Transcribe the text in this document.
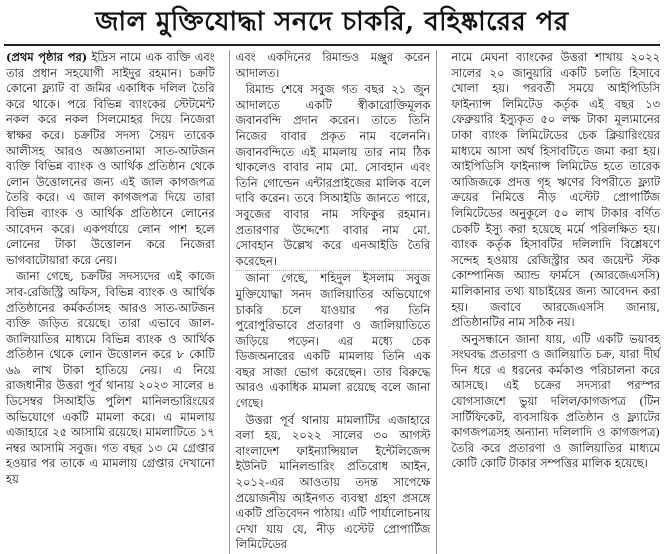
জাল মুক্তিযোদ্ধা সনদে চাকরি, বহিষ্কারের পর

(প্রথম পৃষ্ঠার পর) ইদ্রিস নামে এক ব্যক্তি এবং তার প্রধান সহযোগী সাইদুর রহমান। চক্রটি কোনো ফ্ল্যাট বা জমির একাধিক দলিল তৈরি করে থাকে। পরে বিভিন্ন ব্যাংকের স্টেটমেন্ট নকল করে নকল সিলমোহর দিয়ে নিজেরা স্বাক্ষর করে। চক্রটির সদস্য সৈয়দ তারেক আলীসহ আরও অজ্ঞাতনামা সাত-আটজন ব্যক্তি বিভিন্ন ব্যাংক ও আর্থিক প্রতিষ্ঠান থেকে লোন উত্তোলনের জন্য এই জাল কাগজপত্র তৈরি করে। এ জাল কাগজপত্র দিয়ে তারা বিভিন্ন ব্যাংক ও আর্থিক প্রতিষ্ঠানে লোনের আবেদন করে। একপর্যায়ে লোন পাশ হলে লোনের টাকা উত্তোলন করে নিজেরা ভাগবাটোয়ারা করে নেয়।

জানা গেছে, চক্রটির সদস্যদের এই কাজে সাব-রেজিস্ট্রি অফিস, বিভিন্ন ব্যাংক ও আর্থিক প্রতিষ্ঠানের কর্মকর্তাসহ আরও সাত-আটজন ব্যক্তি জড়িত রয়েছে। তারা এভাবে জাল-জালিয়াতির মাধ্যমে বিভিন্ন ব্যাংক ও আর্থিক প্রতিষ্ঠান থেকে লোন উত্তোলন করে ৮ কোটি ৬৯ লাখ টাকা হাতিয়ে নেয়। এ নিয়ে রাজধানীর উত্তরা পূর্ব থানায় ২০২৩ সালের ৪ ডিসেম্বর সিআইডি পুলিশ মানিলন্ডারিংয়ের অভিযোগে একটি মামলা করে। এ মামলায় এজাহারে ২৫ আসামি রয়েছে। মামলাটিতে ১৭ নম্বর আসামি সবুজ। গত বছর ১৩ মে গ্রেপ্তার হওয়ার পর তাকে এ মামলায় গ্রেপ্তার দেখানো হয়

এবং একদিনের রিমান্ডও মঞ্জুর করেন আদালত।

রিমান্ড শেষে সবুজ গত বছর ২১ জুন আদালতে একটি স্বীকারোক্তিমূলক জবানবন্দি প্রদান করেন। তাতে তিনি নিজের বাবার প্রকৃত নাম বলেননি। জবানবন্দিতে এই মামলায় তার নাম ঠিক থাকলেও বাবার নাম মো. সোবহান এবং তিনি গোল্ডেন এন্টারপ্রাইজের মালিক বলে দাবি করেন। তবে সিআইডি জানতে পারে, সবুজের বাবার নাম সফিকুর রহমান। প্রতারণার উদ্দেশ্যে বাবার নাম মো. সোবহান উল্লেখ করে এনআইডি তৈরি করেছেন।

জানা গেছে, শহিদুল ইসলাম সবুজ মুক্তিযোদ্ধা সনদ জালিয়াতির অভিযোগে চাকরি চলে যাওয়ার পর তিনি পুরোপুরিভাবে প্রতারণা ও জালিয়াতিতে জড়িয়ে পড়েন। এর মধ্যে চেক ডিজঅনারের একটি মামলায় তিনি এক বছর সাজা ভোগ করেছেন। তার বিরুদ্ধে আরও একাধিক মামলা রয়েছে বলে জানা গেছে।

উত্তরা পূর্ব থানায় মামলাটির এজাহারে বলা হয়, ২০২২ সালের ৩০ আগস্ট বাংলাদেশ ফাইন্যান্সিয়াল ইন্টেলিজেন্স ইউনিট মানিলন্ডারিং প্রতিরোধ আইন, ২০১২-এর আওতায় তদন্ত সাপেক্ষে প্রয়োজনীয় আইনগত ব্যবস্থা গ্রহণ প্রসঙ্গে একটি প্রতিবেদন পাঠায়। এটি পার্যালোচনায় দেখা যায় যে, নীড় এস্টেট প্রোপার্টিজ লিমিটেডের

নামে মেঘনা ব্যাংকের উত্তরা শাখায় ২০২২ সালের ২০ জানুয়ারি একটি চলতি হিসাবে খোলা হয়। পরবর্তী সময়ে আইপিডিসি ফাইন্যান্স লিমিটেড কর্তৃক এই বছর ১৩ ফেব্রুয়ারি ইস্যুকৃত ৫০ লক্ষ টাকা মূল্যমানের ঢাকা ব্যাংক লিমিটেডের চেক ক্লিয়ারিংয়ের মাধ্যমে আসা অর্থ হিসাবটিতে জমা করা হয়। আইপিডিসি ফাইন্যান্স লিমিটেড হতে তারেক আজিজকে প্রদত্ত গৃহ ঋণের বিপরীতে ফ্ল্যাট ক্রয়ের নিমিত্তে নীড় এস্টেট প্রোপার্টিজ লিমিটেডের অনুকূলে ৫০ লাখ টাকার বর্ণিত চেকটি ইস্যু করা হয়েছে মর্মে পরিলক্ষিত হয়। ব্যাংক কর্তৃক হিসাবটির দলিলাদি বিশ্লেষণে সন্দেহ হওয়ায় রেজিস্ট্রার অব জয়েন্ট স্টক কোম্পানিজ অ্যান্ড ফার্মসে (আরজেএসসি) মালিকানার তথ্য যাচাইয়ের জন্য আবেদন করা হয়। জবাবে আরজেএসসি জানায়, প্রতিষ্ঠানটির নাম সঠিক নয়।

অনুসন্ধানে জানা যায়, এটি একটি ভয়াবহ সংঘবদ্ধ প্রতারণা ও জালিয়াতি চক্র, যারা দীর্ঘ দিন ধরে এ ধরনের কর্মকাণ্ড পরিচালনা করে আসছে। এই চক্রের সদস্যরা পরস্পর যোগসাজশে ভুয়া দলিল/কাগজপত্র (টিন সার্টিফিকেট, ব্যবসায়িক প্রতিষ্ঠান ও ফ্ল্যাটের কাগজপত্রসহ অন্যান্য দলিলাদি ও কাগজপত্র) তৈরি করে প্রতারণা ও জালিয়াতির মাধ্যমে কোটি কোটি টাকার সম্পত্তির মালিক হয়েছে।
